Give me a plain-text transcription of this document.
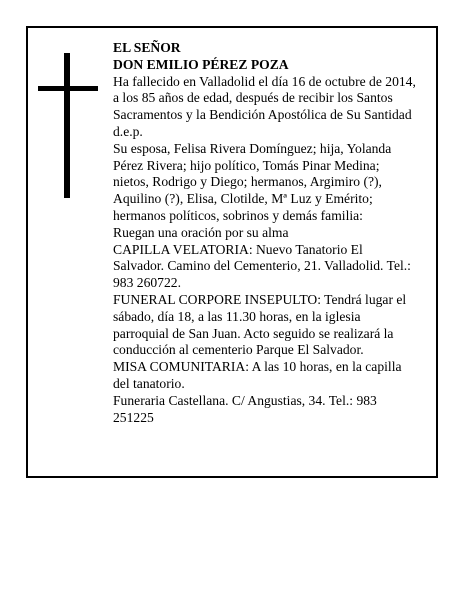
EL SEÑOR
DON EMILIO PÉREZ POZA
Ha fallecido en Valladolid el día 16 de octubre de 2014,
a los 85 años de edad, después de recibir los Santos
Sacramentos y la Bendición Apostólica de Su Santidad
d.e.p.
Su esposa, Felisa Rivera Domínguez; hija, Yolanda
Pérez Rivera; hijo político, Tomás Pinar Medina;
nietos, Rodrigo y Diego; hermanos, Argimiro (?),
Aquilino (?), Elisa, Clotilde, Mª Luz y Emérito;
hermanos políticos, sobrinos y demás familia:
Ruegan una oración por su alma
CAPILLA VELATORIA: Nuevo Tanatorio El
Salvador. Camino del Cementerio, 21. Valladolid. Tel.:
983 260722.
FUNERAL CORPORE INSEPULTO: Tendrá lugar el
sábado, día 18, a las 11.30 horas, en la iglesia
parroquial de San Juan. Acto seguido se realizará la
conducción al cementerio Parque El Salvador.
MISA COMUNITARIA: A las 10 horas, en la capilla
del tanatorio.
Funeraria Castellana. C/ Angustias, 34. Tel.: 983
251225
